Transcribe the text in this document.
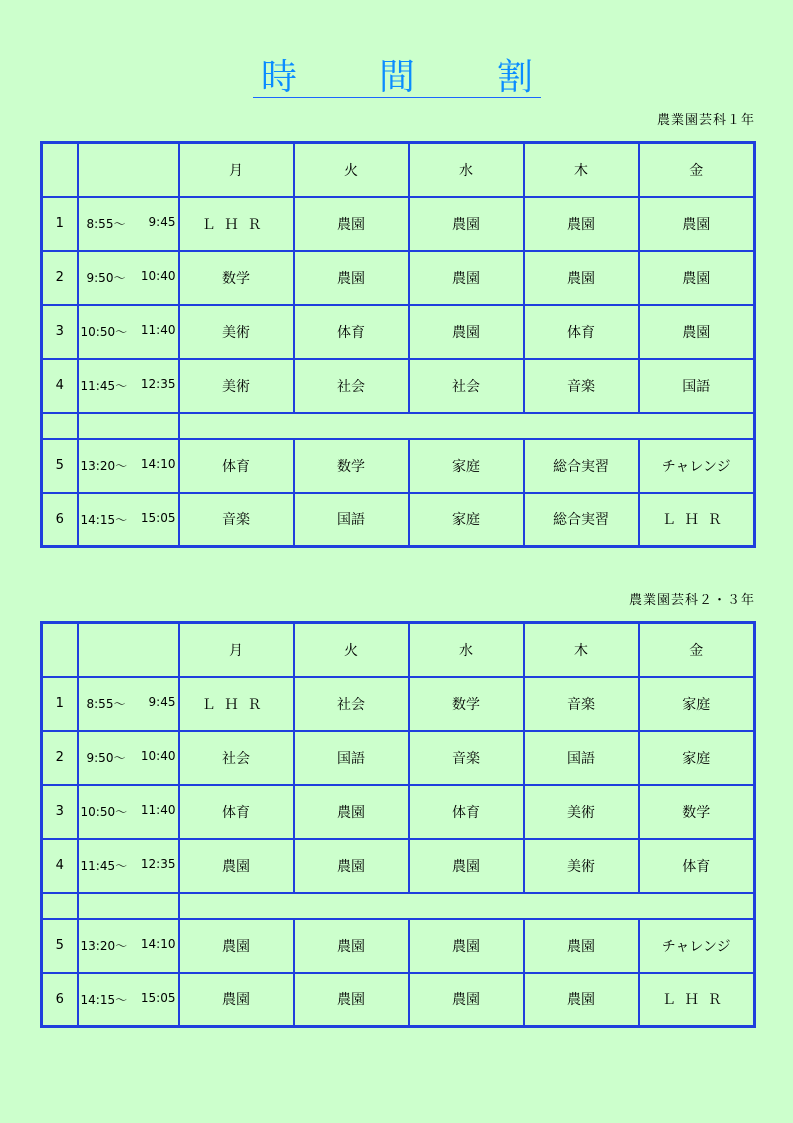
時 間 割
農業園芸科１年
		月	火	水	木	金
1	8:55～ 9:45	ＬＨＲ	農園	農園	農園	農園
2	9:50～ 10:40	数学	農園	農園	農園	農園
3	10:50～ 11:40	美術	体育	農園	体育	農園
4	11:45～ 12:35	美術	社会	社会	音楽	国語

5	13:20～ 14:10	体育	数学	家庭	総合実習	チャレンジ
6	14:15～ 15:05	音楽	国語	家庭	総合実習	ＬＨＲ
農業園芸科２・３年
		月	火	水	木	金
1	8:55～ 9:45	ＬＨＲ	社会	数学	音楽	家庭
2	9:50～ 10:40	社会	国語	音楽	国語	家庭
3	10:50～ 11:40	体育	農園	体育	美術	数学
4	11:45～ 12:35	農園	農園	農園	美術	体育

5	13:20～ 14:10	農園	農園	農園	農園	チャレンジ
6	14:15～ 15:05	農園	農園	農園	農園	ＬＨＲ
